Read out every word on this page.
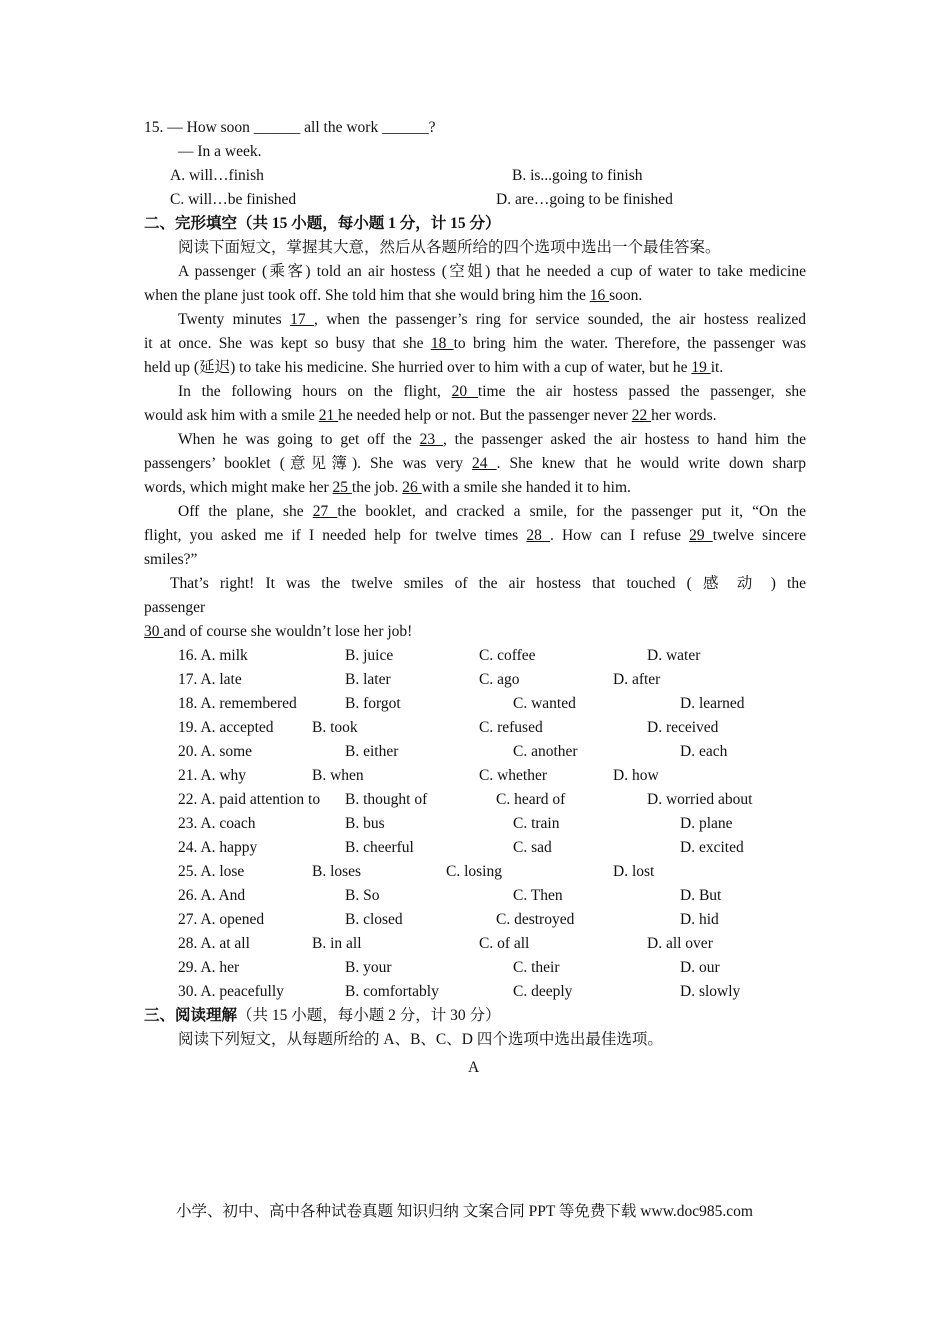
15. — How soon ______ all the work ______?
— In a week.
A. will…finish	B. is...going to finish
C. will…be finished	D. are…going to be finished
二、完形填空（共 15 小题，每小题 1 分，计 15 分）
阅读下面短文，掌握其大意，然后从各题所给的四个选项中选出一个最佳答案。
A passenger (乘客) told an air hostess (空姐) that he needed a cup of water to take medicine
when the plane just took off. She told him that she would bring him the 16 soon.
Twenty minutes 17 , when the passenger’s ring for service sounded, the air hostess realized
it at once. She was kept so busy that she 18 to bring him the water. Therefore, the passenger was
held up (延迟) to take his medicine. She hurried over to him with a cup of water, but he 19 it.
In the following hours on the flight, 20 time the air hostess passed the passenger, she
would ask him with a smile 21 he needed help or not. But the passenger never 22 her words.
When he was going to get off the 23 , the passenger asked the air hostess to hand him the
passengers’ booklet (意见簿). She was very 24 . She knew that he would write down sharp
words, which might make her 25 the job. 26 with a smile she handed it to him.
Off the plane, she 27 the booklet, and cracked a smile, for the passenger put it, “On the
flight, you asked me if I needed help for twelve times 28 . How can I refuse 29 twelve sincere
smiles?”
That’s right! It was the twelve smiles of the air hostess that touched ( 感 动 ) the
passenger
30 and of course she wouldn’t lose her job!
16. A. milk	B. juice	C. coffee	D. water
17. A. late	B. later	C. ago	D. after
18. A. remembered	B. forgot	C. wanted	D. learned
19. A. accepted B. took	C. refused	D. received
20. A. some	B. either	C. another	D. each
21. A. why	B. when	C. whether	D. how
22. A. paid attention to B. thought of	C. heard of	D. worried about
23. A. coach	B. bus	C. train	D. plane
24. A. happy	B. cheerful	C. sad	D. excited
25. A. lose	B. loses	C. losing	D. lost
26. A. And	B. So	C. Then	D. But
27. A. opened	B. closed	C. destroyed	D. hid
28. A. at all	B. in all	C. of all	D. all over
29. A. her	B. your	C. their	D. our
30. A. peacefully	B. comfortably	C. deeply	D. slowly
三、阅读理解（共 15 小题，每小题 2 分，计 30 分）
阅读下列短文，从每题所给的 A、B、C、D 四个选项中选出最佳选项。
A
小学、初中、高中各种试卷真题 知识归纳 文案合同 PPT 等免费下载 www.doc985.com
